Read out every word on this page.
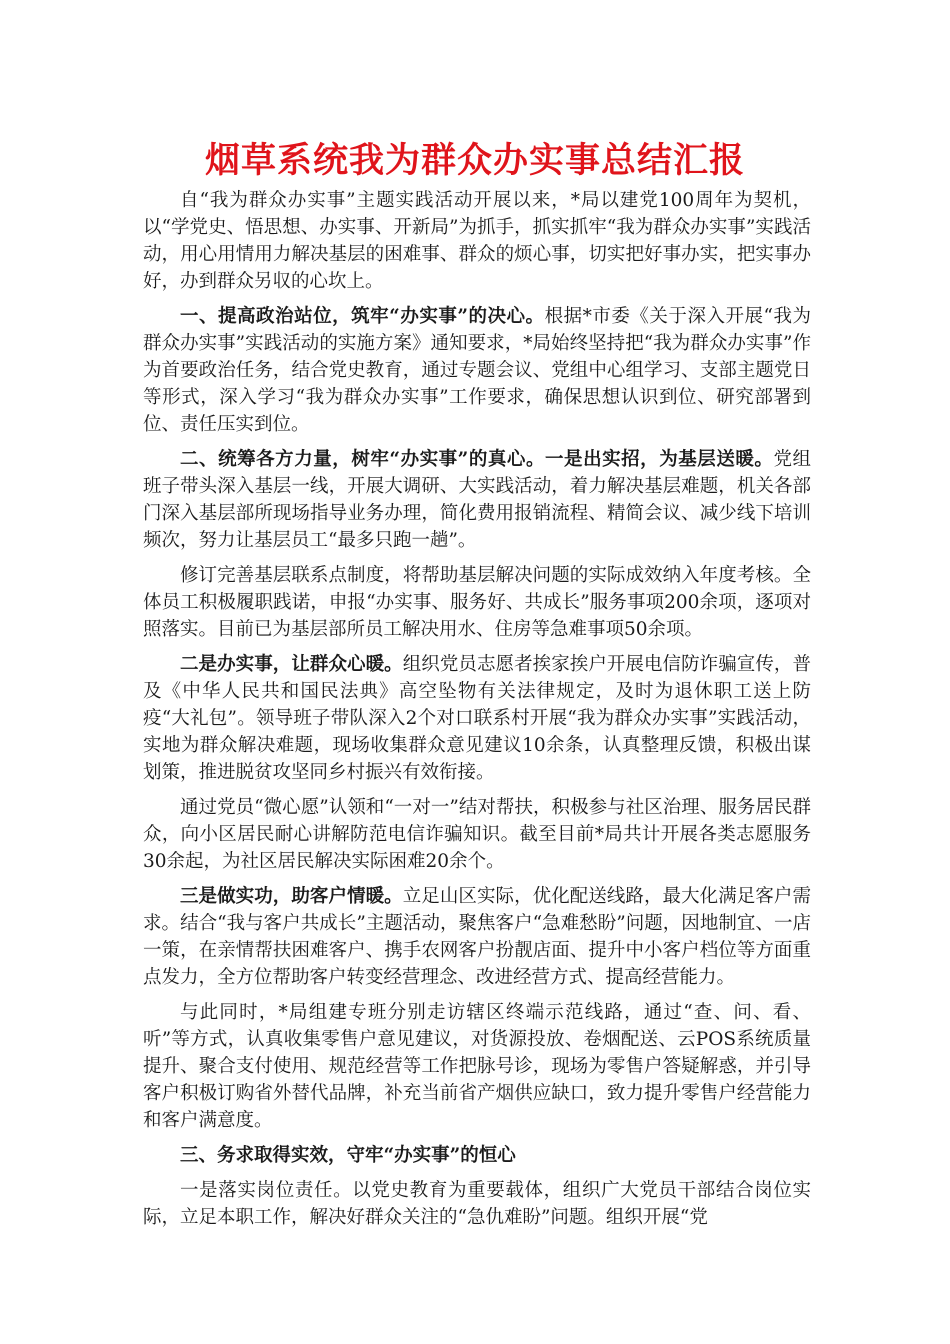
烟草系统我为群众办实事总结汇报

自“我为群众办实事”主题实践活动开展以来，*局以建党100周年为契机，以“学党史、悟思想、办实事、开新局”为抓手，抓实抓牢“我为群众办实事”实践活动，用心用情用力解决基层的困难事、群众的烦心事，切实把好事办实，把实事办好，办到群众另収的心坎上。

一、提高政治站位，筑牢“办实事”的决心。根据*市委《关于深入开展“我为群众办实事”实践活动的实施方案》通知要求，*局始终坚持把“我为群众办实事”作为首要政治任务，结合党史教育，通过专题会议、党组中心组学习、支部主题党日等形式，深入学习“我为群众办实事”工作要求，确保思想认识到位、研究部署到位、责任压实到位。

二、统筹各方力量，树牢“办实事”的真心。一是出实招，为基层送暖。党组班子带头深入基层一线，开展大调研、大实践活动，着力解决基层难题，机关各部门深入基层部所现场指导业务办理，简化费用报销流程、精简会议、减少线下培训频次，努力让基层员工“最多只跑一趟”。

修订完善基层联系点制度，将帮助基层解决问题的实际成效纳入年度考核。全体员工积极履职践诺，申报“办实事、服务好、共成长”服务事项200余项，逐项对照落实。目前已为基层部所员工解决用水、住房等急难事项50余项。

二是办实事，让群众心暖。组织党员志愿者挨家挨户开展电信防诈骗宣传，普及《中华人民共和国民法典》高空坠物有关法律规定，及时为退休职工送上防疫“大礼包”。领导班子带队深入2个对口联系村开展“我为群众办实事”实践活动，实地为群众解决难题，现场收集群众意见建议10余条，认真整理反馈，积极出谋划策，推进脱贫攻坚同乡村振兴有效衔接。

通过党员“微心愿”认领和“一对一”结对帮扶，积极参与社区治理、服务居民群众，向小区居民耐心讲解防范电信诈骗知识。截至目前*局共计开展各类志愿服务30余起，为社区居民解决实际困难20余个。

三是做实功，助客户情暖。立足山区实际，优化配送线路，最大化满足客户需求。结合“我与客户共成长”主题活动，聚焦客户“急难愁盼”问题，因地制宜、一店一策，在亲情帮扶困难客户、携手农网客户扮靓店面、提升中小客户档位等方面重点发力，全方位帮助客户转变经营理念、改进经营方式、提高经营能力。

与此同时，*局组建专班分别走访辖区终端示范线路，通过“查、问、看、听”等方式，认真收集零售户意见建议，对货源投放、卷烟配送、云POS系统质量提升、聚合支付使用、规范经营等工作把脉号诊，现场为零售户答疑解惑，并引导客户积极订购省外替代品牌，补充当前省产烟供应缺口，致力提升零售户经营能力和客户满意度。

三、务求取得实效，守牢“办实事”的恒心

一是落实岗位责任。以党史教育为重要载体，组织广大党员干部结合岗位实际，立足本职工作，解决好群众关注的“急仇难盼”问题。组织开展“党
